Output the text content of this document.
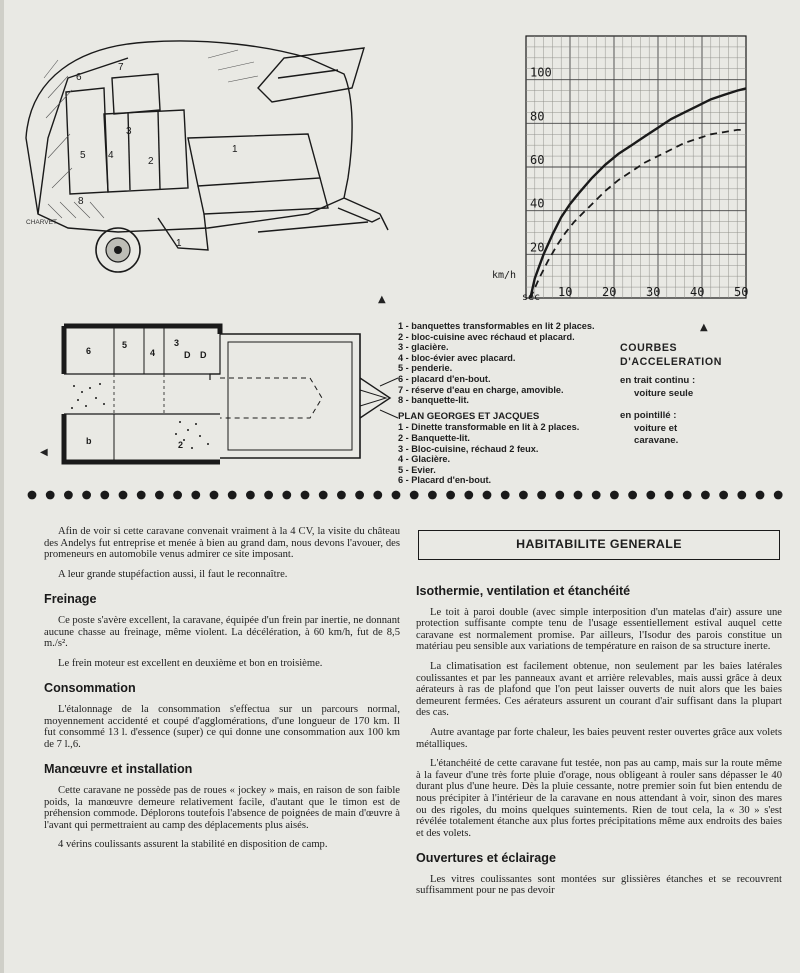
6
7
3
1
4
5
8
2
1
CHARVET
▲
6
5
4
3
D D
b	2
◀
1 - banquettes transformables en lit 2 places.
2 - bloc-cuisine avec réchaud et placard.
3 - glacière.
4 - bloc-évier avec placard.
5 - penderie.
6 - placard d'en-bout.
7 - réserve d'eau en charge, amovible.
8 - banquette-lit.
PLAN GEORGES ET JACQUES
1 - Dinette transformable en lit à 2 places.
2 - Banquette-lit.
3 - Bloc-cuisine, réchaud 2 feux.
4 - Glacière.
5 - Evier.
6 - Placard d'en-bout.
▲
COURBES
D'ACCELERATION
en trait continu :
voiture seule
en pointillé :
voiture et
caravane.
20
40
60
80
100
sec 10 20 30 40 50
km/h

Afin de voir si cette caravane convenait vraiment à la 4 CV, la visite du château des Andelys fut entreprise et menée à bien au grand dam, nous devons l'avouer, des promeneurs en automobile venus admirer ce site imposant.

A leur grande stupéfaction aussi, il faut le reconnaître.

Freinage

Ce poste s'avère excellent, la caravane, équipée d'un frein par inertie, ne donnant aucune chasse au freinage, même violent. La décélération, à 60 km/h, fut de 8,5 m./s².

Le frein moteur est excellent en deuxième et bon en troisième.

Consommation

L'étalonnage de la consommation s'effectua sur un parcours normal, moyennement accidenté et coupé d'agglomérations, d'une longueur de 170 km. Il fut consommé 13 l. d'essence (super) ce qui donne une consommation aux 100 km de 7 l.,6.

Manœuvre et installation

Cette caravane ne possède pas de roues « jockey » mais, en raison de son faible poids, la manœuvre demeure relativement facile, d'autant que le timon est de préhension commode. Déplorons toutefois l'absence de poignées de main d'œuvre à l'avant qui permettraient au camp des déplacements plus aisés.

4 vérins coulissants assurent la stabilité en disposition de camp.

HABITABILITE GENERALE
Isothermie, ventilation et étanchéité

Le toit à paroi double (avec simple interposition d'un matelas d'air) assure une protection suffisante compte tenu de l'usage essentiellement estival auquel cette caravane est normalement promise. Par ailleurs, l'Isodur des parois constitue un matériau peu sensible aux variations de température en raison de sa structure inerte.

La climatisation est facilement obtenue, non seulement par les baies latérales coulissantes et par les panneaux avant et arrière relevables, mais aussi grâce à deux aérateurs à ras de plafond que l'on peut laisser ouverts de nuit alors que les baies demeurent fermées. Ces aérateurs assurent un courant d'air suffisant dans la plupart des cas.

Autre avantage par forte chaleur, les baies peuvent rester ouvertes grâce aux volets métalliques.

L'étanchéité de cette caravane fut testée, non pas au camp, mais sur la route même à la faveur d'une très forte pluie d'orage, nous obligeant à rouler sans dépasser le 40 durant plus d'une heure. Dès la pluie cessante, notre premier soin fut bien entendu de nous précipiter à l'intérieur de la caravane en nous attendant à voir, sinon des mares ou des rigoles, du moins quelques suintements. Rien de tout cela, la « 30 » s'est révélée totalement étanche aux plus fortes précipitations même aux endroits des baies et des volets.

Ouvertures et éclairage

Les vitres coulissantes sont montées sur glissières étanches et se recouvrent suffisamment pour ne pas devoir
